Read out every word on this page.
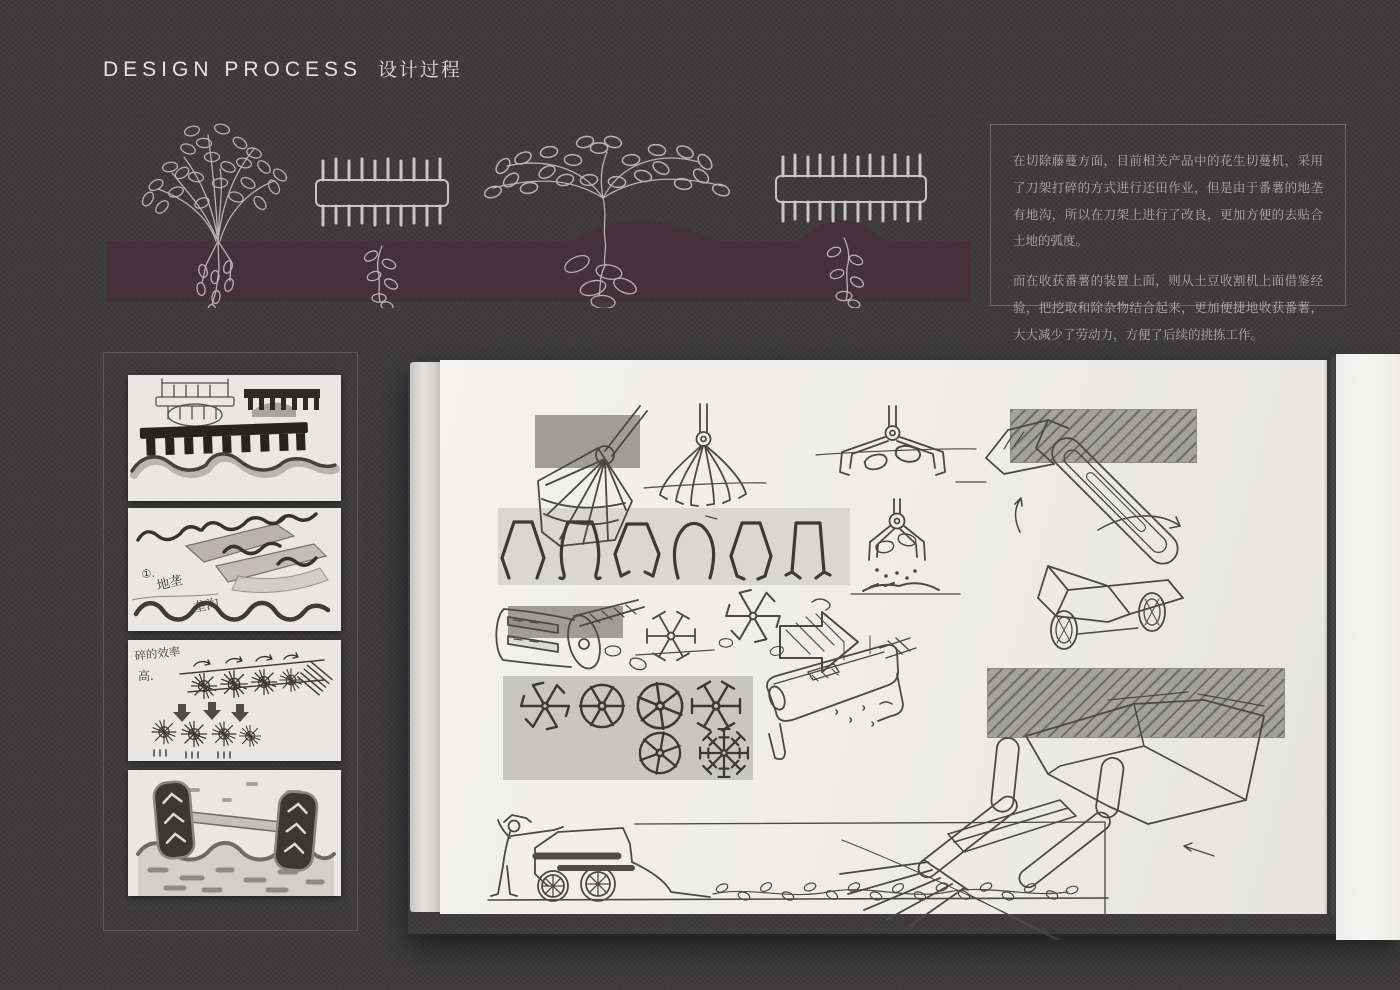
DESIGN PROCESS 设计过程

在切除藤蔓方面，目前相关产品中的花生切蔓机，采用了刀架打碎的方式进行还田作业，但是由于番薯的地垄有地沟，所以在刀架上进行了改良，更加方便的去贴合土地的弧度。

而在收获番薯的装置上面，则从土豆收割机上面借鉴经验，把挖取和除杂物结合起来，更加便捷地收获番薯，大大减少了劳动力，方便了后续的挑拣工作。

①. 地垄
垄沟
碎的效率
高.
